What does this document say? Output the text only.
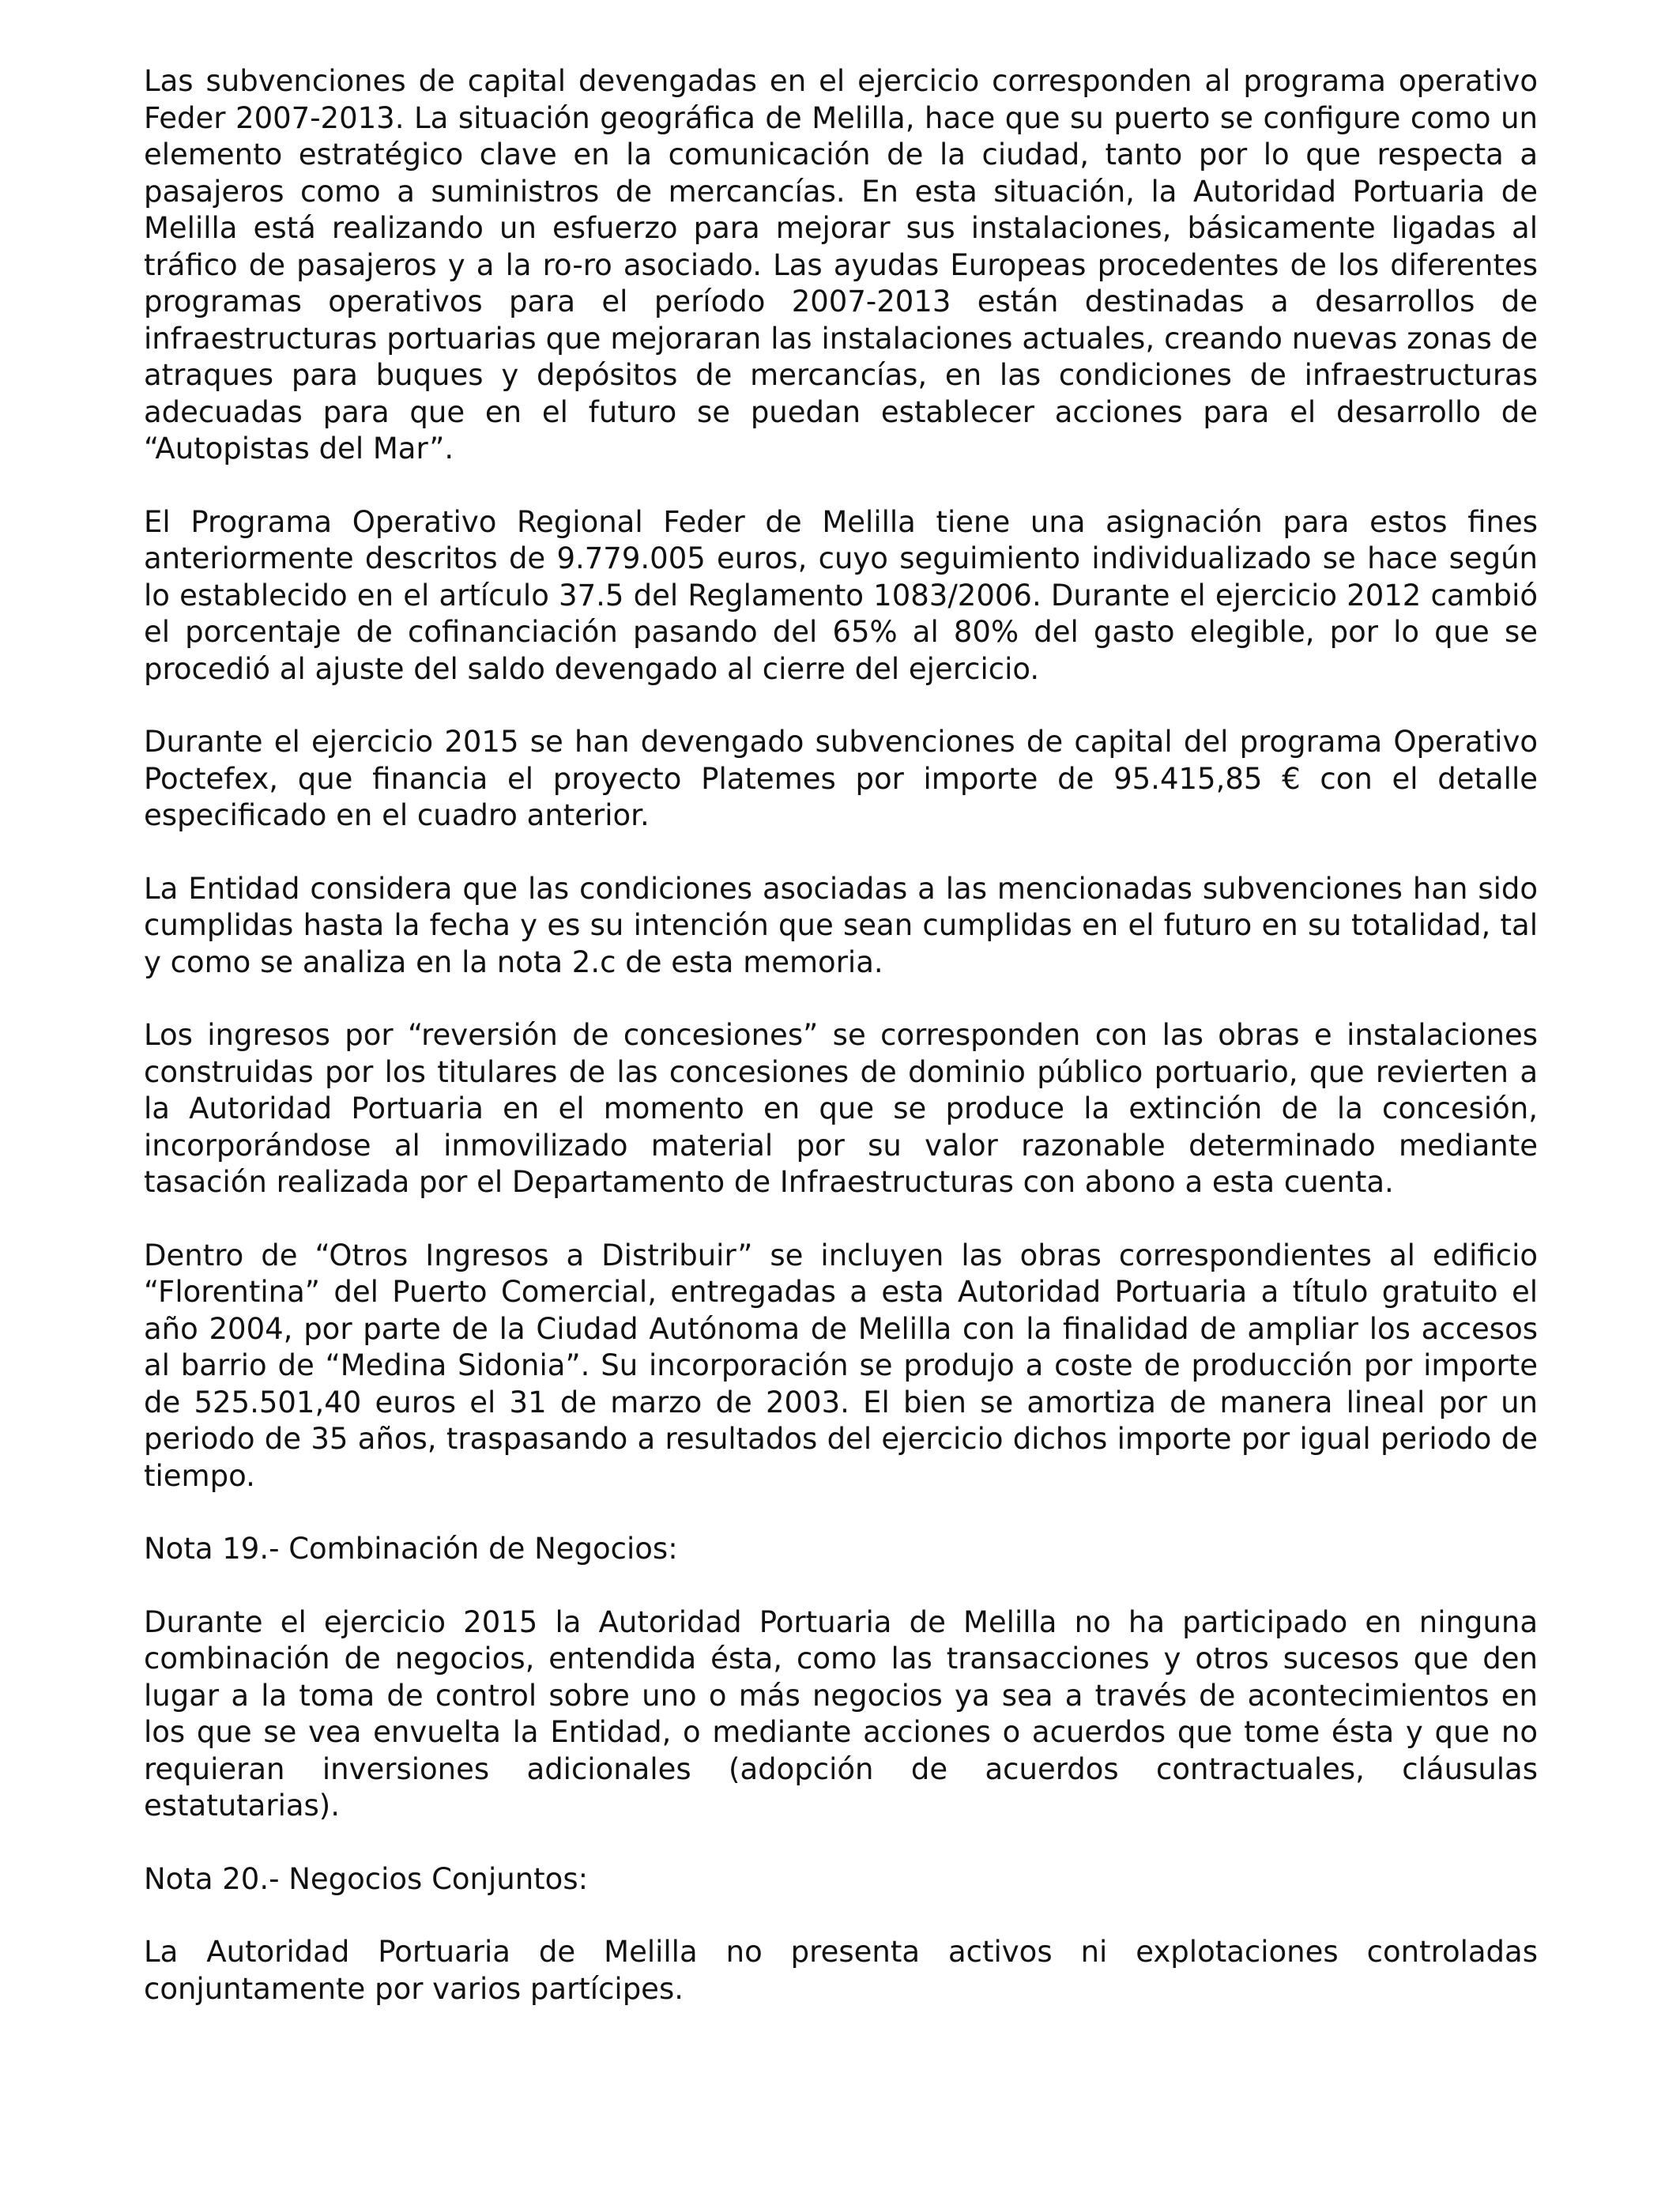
Las subvenciones de capital devengadas en el ejercicio corresponden al programa operativo Feder 2007-2013. La situación geográfica de Melilla, hace que su puerto se configure como un elemento estratégico clave en la comunicación de la ciudad, tanto por lo que respecta a pasajeros como a suministros de mercancías. En esta situación, la Autoridad Portuaria de Melilla está realizando un esfuerzo para mejorar sus instalaciones, básicamente ligadas al tráfico de pasajeros y a la ro-ro asociado. Las ayudas Europeas procedentes de los diferentes programas operativos para el período 2007-2013 están destinadas a desarrollos de infraestructuras portuarias que mejoraran las instalaciones actuales, creando nuevas zonas de atraques para buques y depósitos de mercancías, en las condiciones de infraestructuras adecuadas para que en el futuro se puedan establecer acciones para el desarrollo de “Autopistas del Mar”.

El Programa Operativo Regional Feder de Melilla tiene una asignación para estos fines anteriormente descritos de 9.779.005 euros, cuyo seguimiento individualizado se hace según lo establecido en el artículo 37.5 del Reglamento 1083/2006. Durante el ejercicio 2012 cambió el porcentaje de cofinanciación pasando del 65% al 80% del gasto elegible, por lo que se procedió al ajuste del saldo devengado al cierre del ejercicio.

Durante el ejercicio 2015 se han devengado subvenciones de capital del programa Operativo Poctefex, que financia el proyecto Platemes por importe de 95.415,85 € con el detalle especificado en el cuadro anterior.

La Entidad considera que las condiciones asociadas a las mencionadas subvenciones han sido cumplidas hasta la fecha y es su intención que sean cumplidas en el futuro en su totalidad, tal y como se analiza en la nota 2.c de esta memoria.

Los ingresos por “reversión de concesiones” se corresponden con las obras e instalaciones construidas por los titulares de las concesiones de dominio público portuario, que revierten a la Autoridad Portuaria en el momento en que se produce la extinción de la concesión, incorporándose al inmovilizado material por su valor razonable determinado mediante tasación realizada por el Departamento de Infraestructuras con abono a esta cuenta.

Dentro de “Otros Ingresos a Distribuir” se incluyen las obras correspondientes al edificio “Florentina” del Puerto Comercial, entregadas a esta Autoridad Portuaria a título gratuito el año 2004, por parte de la Ciudad Autónoma de Melilla con la finalidad de ampliar los accesos al barrio de “Medina Sidonia”. Su incorporación se produjo a coste de producción por importe de 525.501,40 euros el 31 de marzo de 2003. El bien se amortiza de manera lineal por un periodo de 35 años, traspasando a resultados del ejercicio dichos importe por igual periodo de tiempo.

Nota 19.- Combinación de Negocios:

Durante el ejercicio 2015 la Autoridad Portuaria de Melilla no ha participado en ninguna combinación de negocios, entendida ésta, como las transacciones y otros sucesos que den lugar a la toma de control sobre uno o más negocios ya sea a través de acontecimientos en los que se vea envuelta la Entidad, o mediante acciones o acuerdos que tome ésta y que no requieran inversiones adicionales (adopción de acuerdos contractuales, cláusulas estatutarias).

Nota 20.- Negocios Conjuntos:

La Autoridad Portuaria de Melilla no presenta activos ni explotaciones controladas conjuntamente por varios partícipes.
